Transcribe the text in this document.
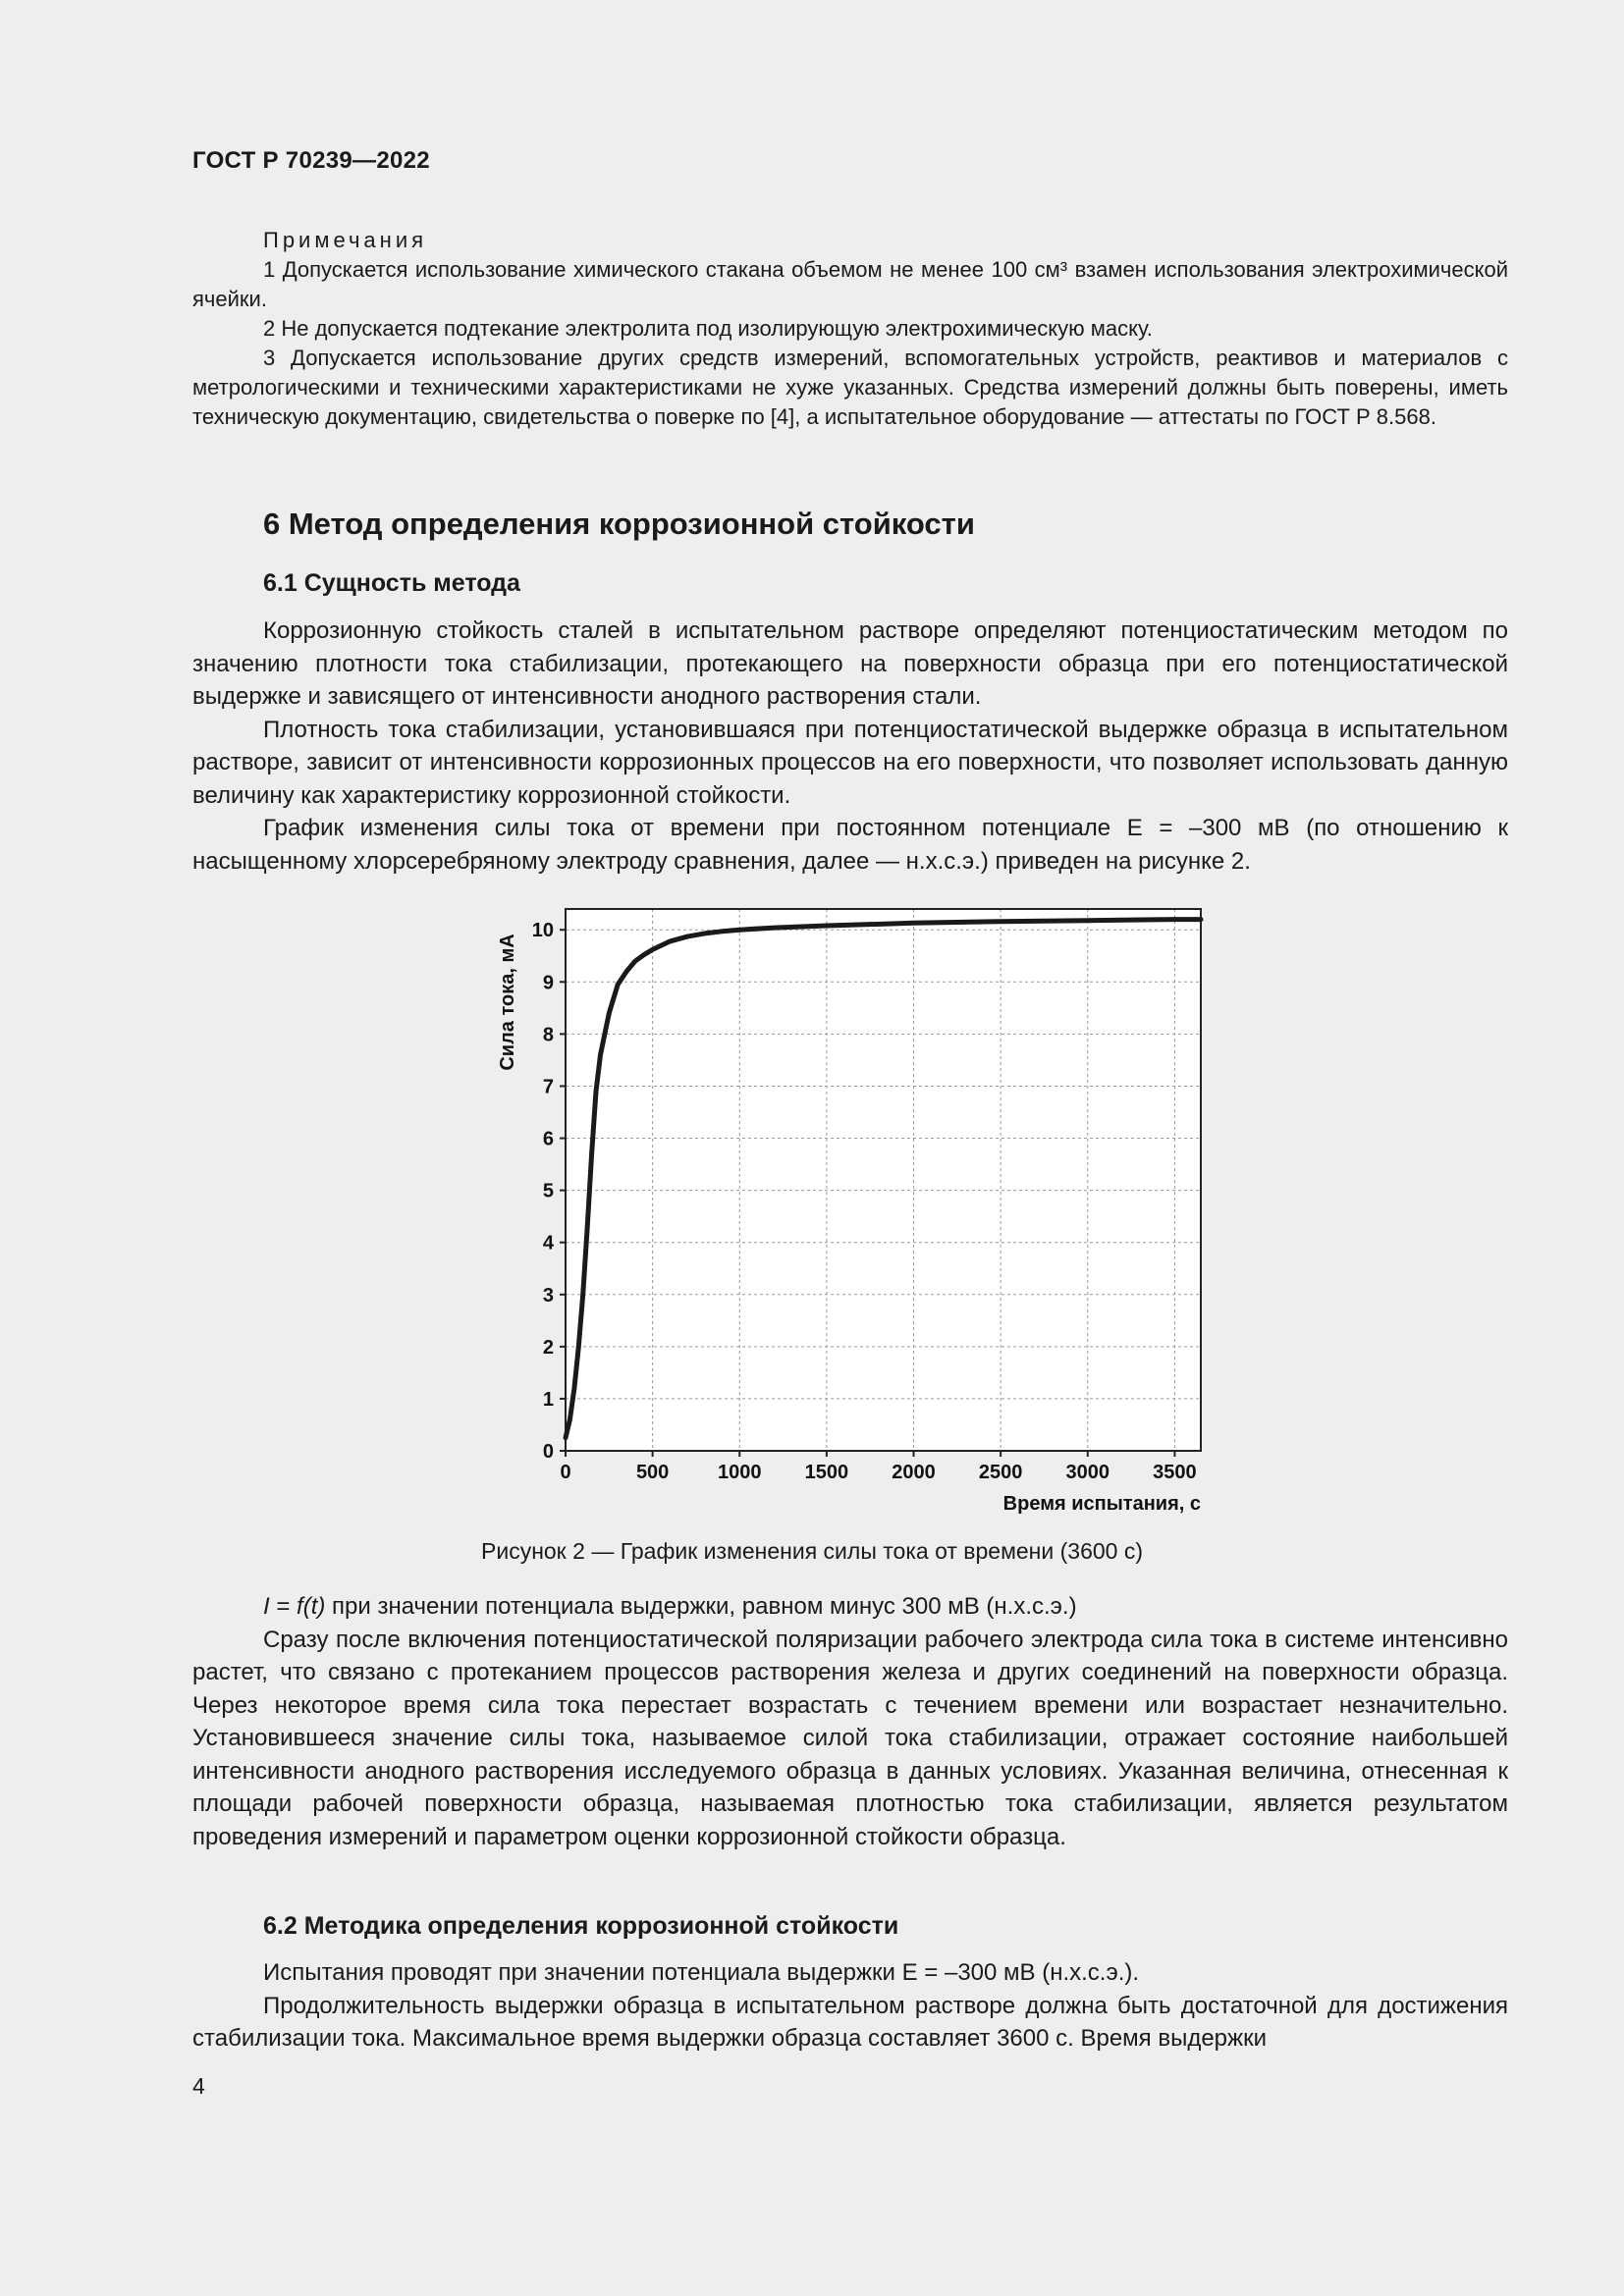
ГОСТ Р 70239—2022

Примечания

1 Допускается использование химического стакана объемом не менее 100 см³ взамен использования электрохимической ячейки.

2 Не допускается подтекание электролита под изолирующую электрохимическую маску.

3 Допускается использование других средств измерений, вспомогательных устройств, реактивов и материалов с метрологическими и техническими характеристиками не хуже указанных. Средства измерений должны быть поверены, иметь техническую документацию, свидетельства о поверке по [4], а испытательное оборудование — аттестаты по ГОСТ Р 8.568.

6 Метод определения коррозионной стойкости
6.1 Сущность метода

Коррозионную стойкость сталей в испытательном растворе определяют потенциостатическим методом по значению плотности тока стабилизации, протекающего на поверхности образца при его потенциостатической выдержке и зависящего от интенсивности анодного растворения стали.

Плотность тока стабилизации, установившаяся при потенциостатической выдержке образца в испытательном растворе, зависит от интенсивности коррозионных процессов на его поверхности, что позволяет использовать данную величину как характеристику коррозионной стойкости.

График изменения силы тока от времени при постоянном потенциале E = –300 мВ (по отношению к насыщенному хлорсеребряному электроду сравнения, далее — н.х.с.э.) приведен на рисунке 2.

0	500 1000 1500 2000 2500 3000 3500
0
1
2
3
4
5
6
7
8
9
10
Время испытания, с
Сила тока, мА
Рисунок 2 — График изменения силы тока от времени (3600 с)

I = f(t) при значении потенциала выдержки, равном минус 300 мВ (н.х.с.э.)

Сразу после включения потенциостатической поляризации рабочего электрода сила тока в системе интенсивно растет, что связано с протеканием процессов растворения железа и других соединений на поверхности образца. Через некоторое время сила тока перестает возрастать с течением времени или возрастает незначительно. Установившееся значение силы тока, называемое силой тока стабилизации, отражает состояние наибольшей интенсивности анодного растворения исследуемого образца в данных условиях. Указанная величина, отнесенная к площади рабочей поверхности образца, называемая плотностью тока стабилизации, является результатом проведения измерений и параметром оценки коррозионной стойкости образца.

6.2 Методика определения коррозионной стойкости

Испытания проводят при значении потенциала выдержки E = –300 мВ (н.х.с.э.).

Продолжительность выдержки образца в испытательном растворе должна быть достаточной для достижения стабилизации тока. Максимальное время выдержки образца составляет 3600 с. Время выдержки

4
